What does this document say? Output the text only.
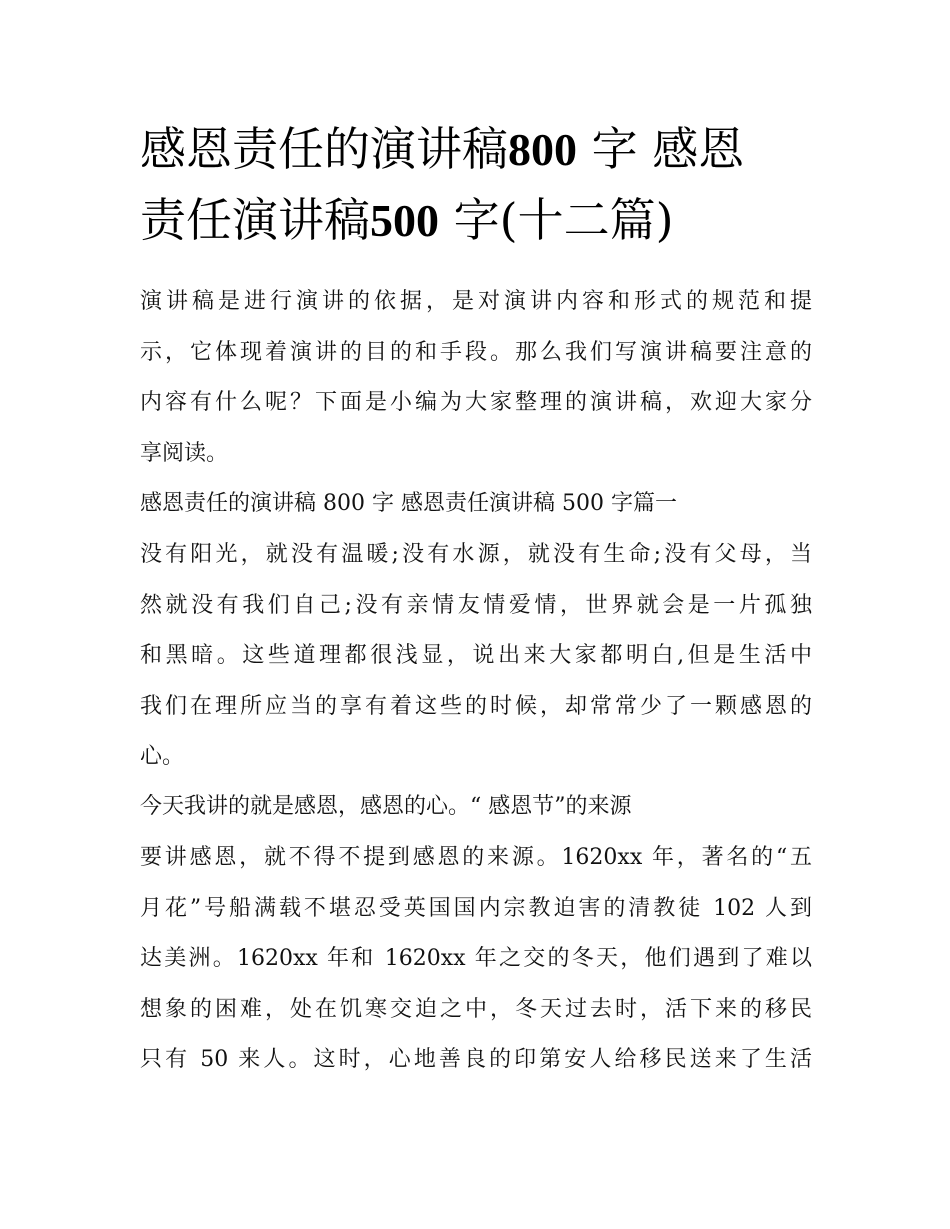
感恩责任的演讲稿800 字 感恩
责任演讲稿500 字(十二篇)

演讲稿是进行演讲的依据，是对演讲内容和形式的规范和提
示，它体现着演讲的目的和手段。那么我们写演讲稿要注意的
内容有什么呢？下面是小编为大家整理的演讲稿，欢迎大家分
享阅读。

感恩责任的演讲稿 800 字 感恩责任演讲稿 500 字篇一

没有阳光，就没有温暖;没有水源，就没有生命;没有父母，当
然就没有我们自己;没有亲情友情爱情，世界就会是一片孤独
和黑暗。这些道理都很浅显，说出来大家都明白,但是生活中
我们在理所应当的享有着这些的时候，却常常少了一颗感恩的
心。

今天我讲的就是感恩，感恩的心。“ 感恩节”的来源

要讲感恩，就不得不提到感恩的来源。1620xx 年，著名的“五
月花”号船满载不堪忍受英国国内宗教迫害的清教徒 102 人到
达美洲。1620xx 年和 1620xx 年之交的冬天，他们遇到了难以
想象的困难，处在饥寒交迫之中，冬天过去时，活下来的移民
只有 50 来人。这时，心地善良的印第安人给移民送来了生活
